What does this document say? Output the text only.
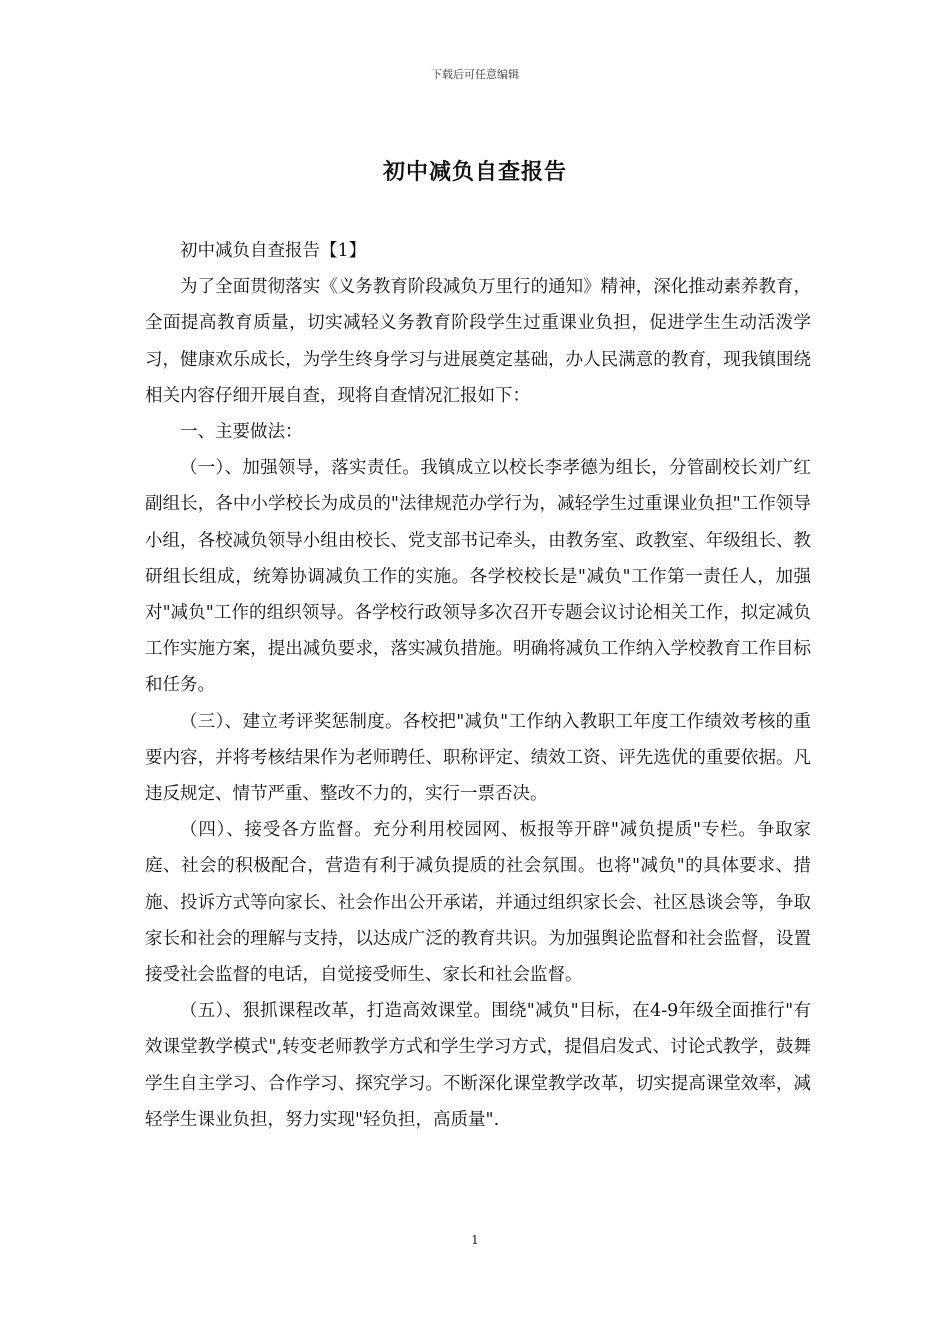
下载后可任意编辑
初中减负自查报告

初中减负自查报告【1】

为了全面贯彻落实《义务教育阶段减负万里行的通知》精神，深化推动素养教育，全面提高教育质量，切实减轻义务教育阶段学生过重课业负担，促进学生生动活泼学习，健康欢乐成长，为学生终身学习与进展奠定基础，办人民满意的教育，现我镇围绕相关内容仔细开展自查，现将自查情况汇报如下：

一、主要做法：

（一）、加强领导，落实责任。我镇成立以校长李孝德为组长，分管副校长刘广红副组长，各中小学校长为成员的"法律规范办学行为，减轻学生过重课业负担"工作领导小组，各校减负领导小组由校长、党支部书记牵头，由教务室、政教室、年级组长、教研组长组成，统筹协调减负工作的实施。各学校校长是"减负"工作第一责任人，加强对"减负"工作的组织领导。各学校行政领导多次召开专题会议讨论相关工作，拟定减负工作实施方案，提出减负要求，落实减负措施。明确将减负工作纳入学校教育工作目标和任务。

（三）、建立考评奖惩制度。各校把"减负"工作纳入教职工年度工作绩效考核的重要内容，并将考核结果作为老师聘任、职称评定、绩效工资、评先选优的重要依据。凡违反规定、情节严重、整改不力的，实行一票否决。

（四）、接受各方监督。充分利用校园网、板报等开辟"减负提质"专栏。争取家庭、社会的积极配合，营造有利于减负提质的社会氛围。也将"减负"的具体要求、措施、投诉方式等向家长、社会作出公开承诺，并通过组织家长会、社区恳谈会等，争取家长和社会的理解与支持，以达成广泛的教育共识。为加强舆论监督和社会监督，设置接受社会监督的电话，自觉接受师生、家长和社会监督。

（五）、狠抓课程改革，打造高效课堂。围绕"减负"目标，在4-9年级全面推行"有效课堂教学模式",转变老师教学方式和学生学习方式，提倡启发式、讨论式教学，鼓舞学生自主学习、合作学习、探究学习。不断深化课堂教学改革，切实提高课堂效率，减轻学生课业负担，努力实现"轻负担，高质量".

1
